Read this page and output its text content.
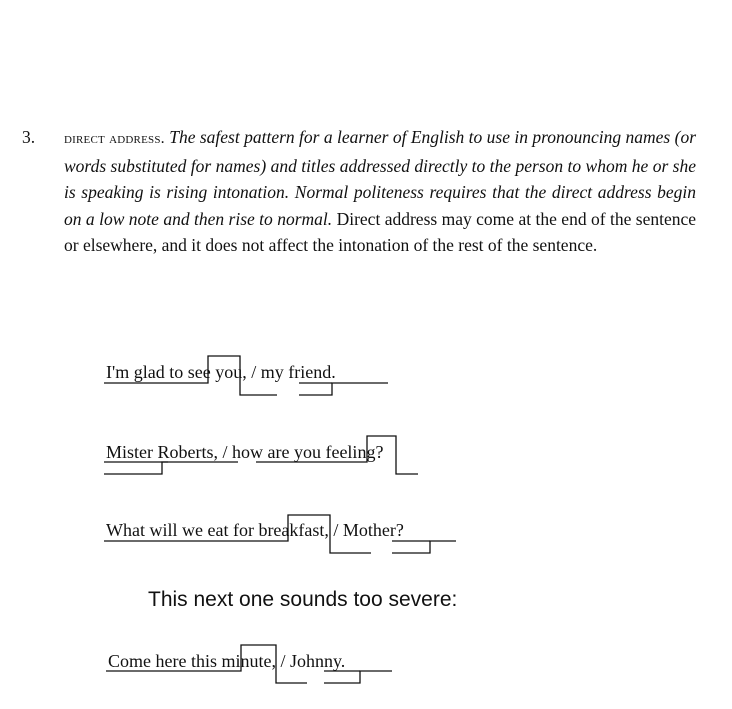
3. direct address. The safest pattern for a learner of English to use in pronouncing names (or words substituted for names) and titles addressed directly to the person to whom he or she is speaking is rising intonation. Normal politeness requires that the direct address begin on a low note and then rise to normal. Direct address may come at the end of the sentence or elsewhere, and it does not affect the intonation of the rest of the sentence.
I'm glad to see you, / my friend.
Mister Roberts, / how are you feeling?
What will we eat for breakfast, / Mother?
This next one sounds too severe:
Come here this minute, / Johnny.
